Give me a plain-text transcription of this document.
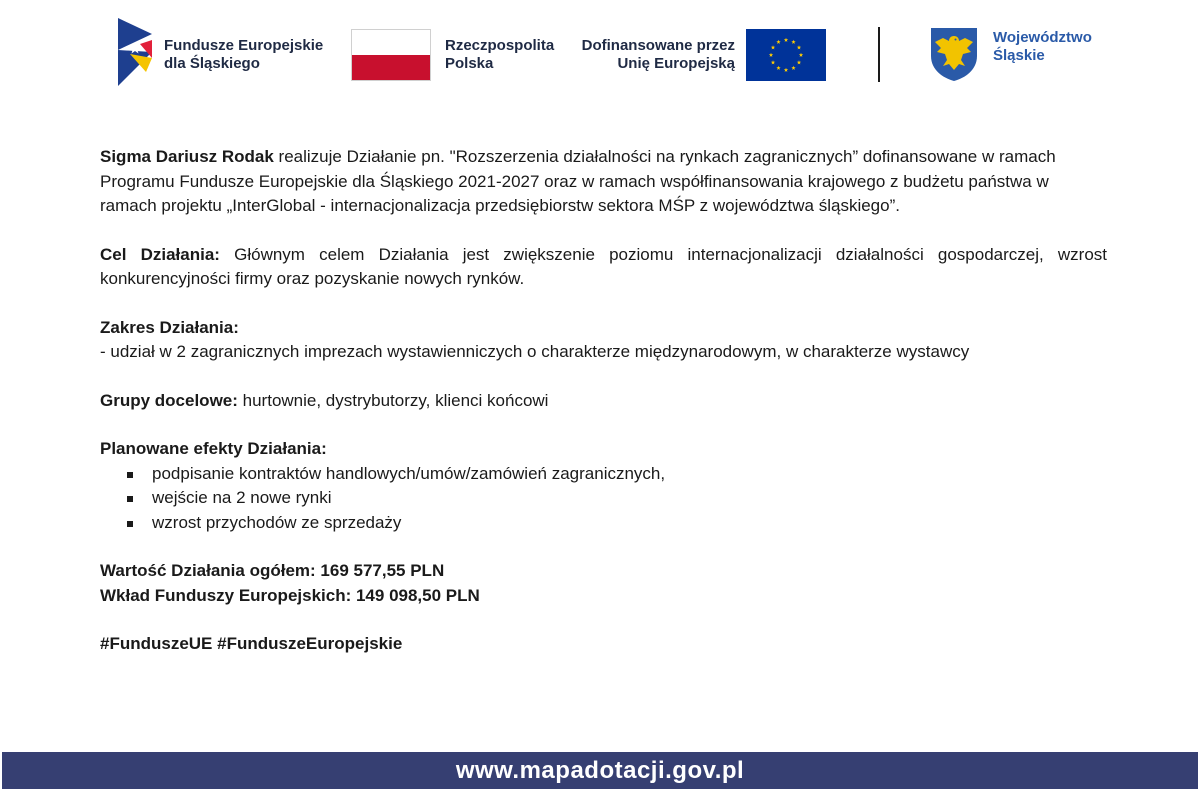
Fundusze Europejskie
dla Śląskiego
Rzeczpospolita
Polska
Dofinansowane przez
Unię Europejską
Województwo
Śląskie

Sigma Dariusz Rodak realizuje Działanie pn. "Rozszerzenia działalności na rynkach zagranicznych” dofinansowane w ramach Programu Fundusze Europejskie dla Śląskiego 2021-2027 oraz w ramach współfinansowania krajowego z budżetu państwa w ramach projektu „InterGlobal - internacjonalizacja przedsiębiorstw sektora MŚP z województwa śląskiego”.

Cel Działania: Głównym celem Działania jest zwiększenie poziomu internacjonalizacji działalności gospodarczej, wzrost konkurencyjności firmy oraz pozyskanie nowych rynków.

Zakres Działania:
- udział w 2 zagranicznych imprezach wystawienniczych o charakterze międzynarodowym, w charakterze wystawcy

Grupy docelowe: hurtownie, dystrybutorzy, klienci końcowi

Planowane efekty Działania:

podpisanie kontraktów handlowych/umów/zamówień zagranicznych,
wejście na 2 nowe rynki
wzrost przychodów ze sprzedaży

Wartość Działania ogółem: 169 577,55 PLN
Wkład Funduszy Europejskich: 149 098,50 PLN

#FunduszeUE #FunduszeEuropejskie

www.mapadotacji.gov.pl
